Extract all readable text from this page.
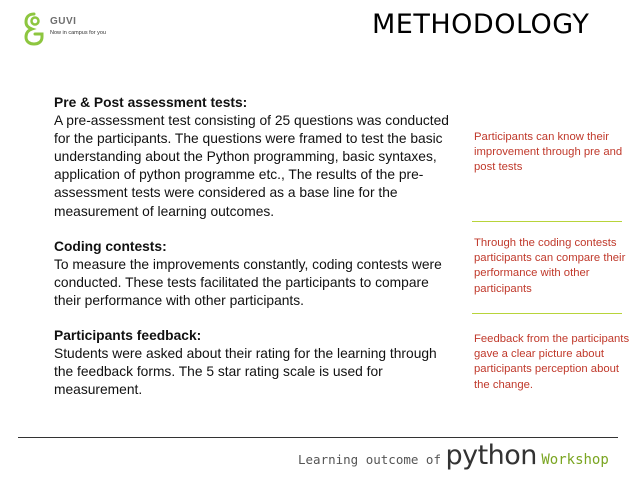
GUVI
Now in campus for you	METHODOLOGY

Pre & Post assessment tests:

A pre-assessment test consisting of 25 questions was conducted for the participants. The questions were framed to test the basic understanding about the Python programming, basic syntaxes, application of python programme etc., The results of the pre-assessment tests were considered as a base line for the measurement of learning outcomes.

Coding contests:

To measure the improvements constantly, coding contests were conducted. These tests facilitated the participants to compare their performance with other participants.

Participants feedback:

Students were asked about their rating for the learning through the feedback forms. The 5 star rating scale is used for measurement.

Participants can know their improvement through pre and post tests
Through the coding contests participants can compare their performance with other participants
Feedback from the participants gave a clear picture about participants perception about the change.
Learning outcome of python Workshop
